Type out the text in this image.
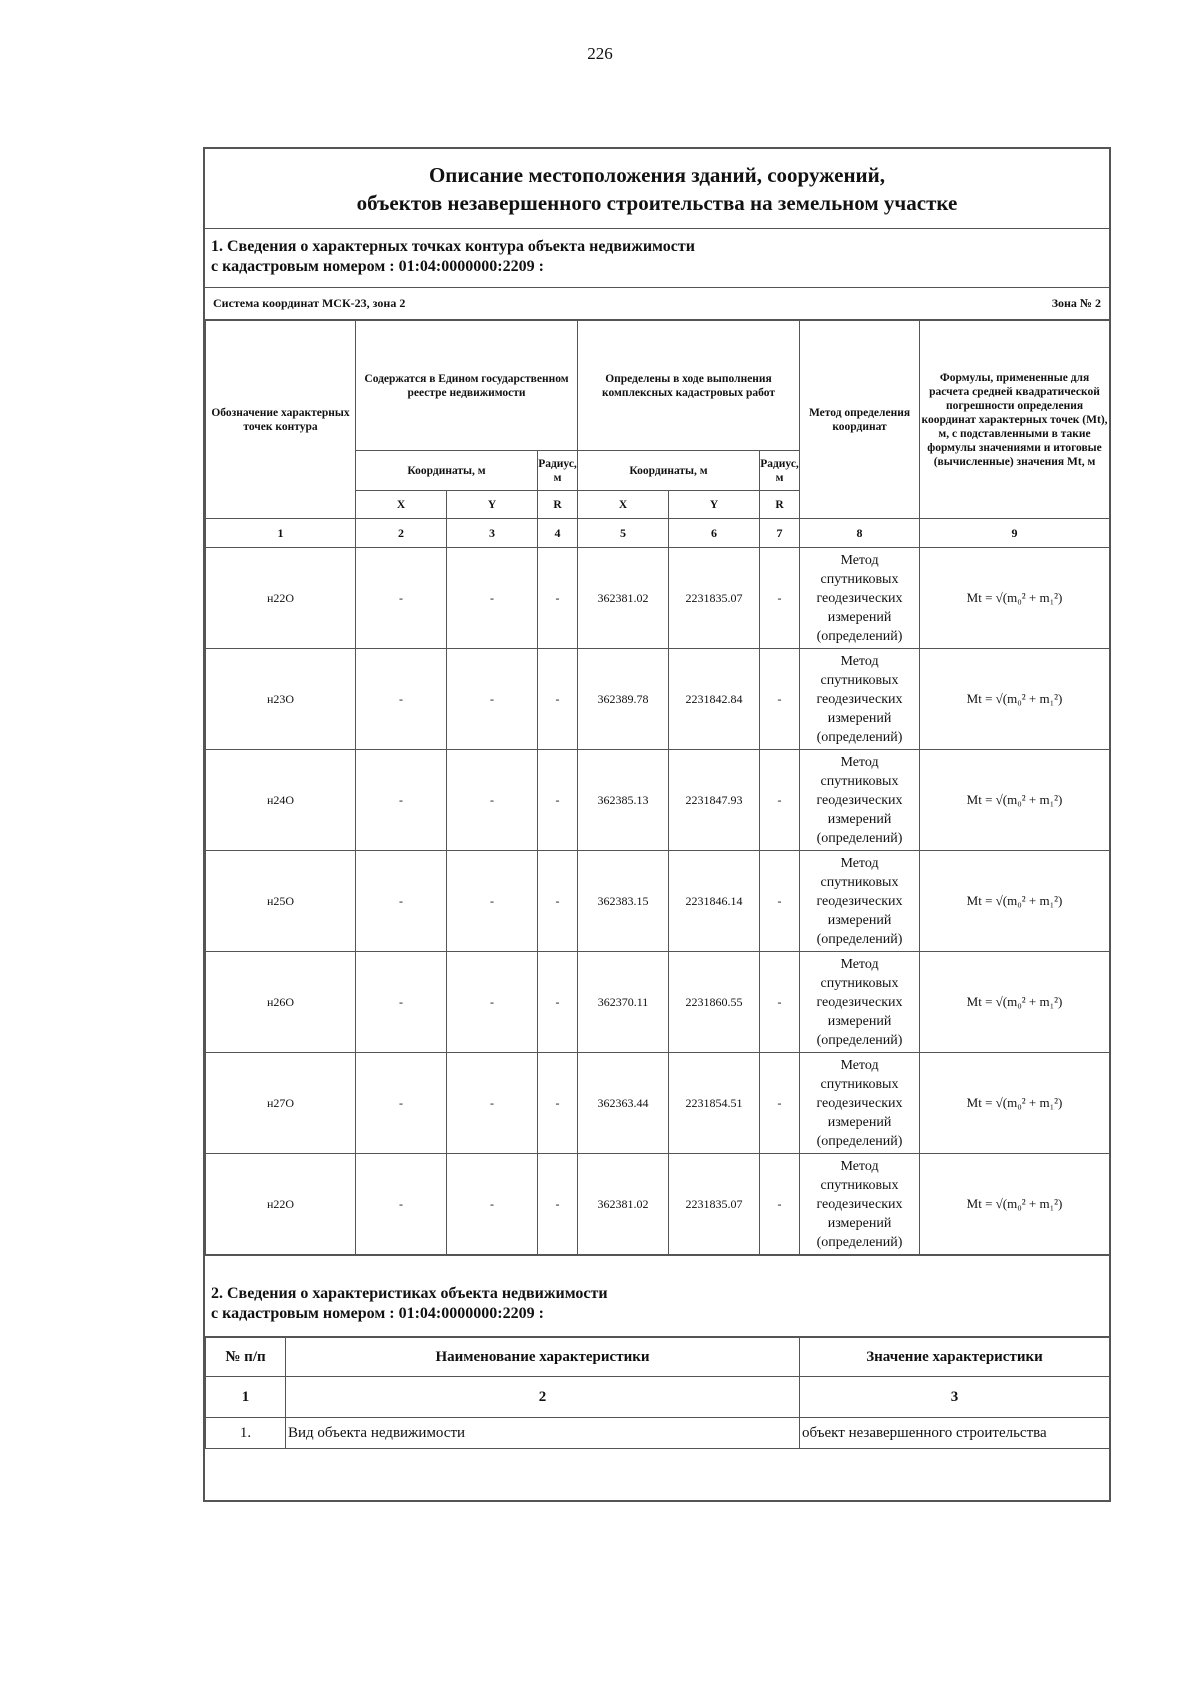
226
Описание местоположения зданий, сооружений,
объектов незавершенного строительства на земельном участке
1. Сведения о характерных точках контура объекта недвижимости
с кадастровым номером : 01:04:0000000:2209 :
Система координат МСК-23, зона 2	Зона № 2
Обозначение характерных точек контура	Содержатся в Едином государственном реестре недвижимости			Определены в ходе выполнения комплексных кадастровых работ			Метод определения координат	Формулы, примененные для расчета средней квадратической погрешности определения координат характерных точек (Mt), м, с подставленными в такие формулы значениями и итоговые (вычисленные) значения Mt, м
	Координаты, м		Радиус, м	Координаты, м		Радиус, м		
	X	Y	R	X	Y	R		
1	2	3	4	5	6	7	8	9
н22О	-	-	-	362381.02	2231835.07	-	Метод спутниковых геодезических измерений (определений)	Mt = √(m₀² + m₁²)
н23О	-	-	-	362389.78	2231842.84	-	Метод спутниковых геодезических измерений (определений)	Mt = √(m₀² + m₁²)
н24О	-	-	-	362385.13	2231847.93	-	Метод спутниковых геодезических измерений (определений)	Mt = √(m₀² + m₁²)
н25О	-	-	-	362383.15	2231846.14	-	Метод спутниковых геодезических измерений (определений)	Mt = √(m₀² + m₁²)
н26О	-	-	-	362370.11	2231860.55	-	Метод спутниковых геодезических измерений (определений)	Mt = √(m₀² + m₁²)
н27О	-	-	-	362363.44	2231854.51	-	Метод спутниковых геодезических измерений (определений)	Mt = √(m₀² + m₁²)
н22О	-	-	-	362381.02	2231835.07	-	Метод спутниковых геодезических измерений (определений)	Mt = √(m₀² + m₁²)
2. Сведения о характеристиках объекта недвижимости
с кадастровым номером : 01:04:0000000:2209 :
№ п/п	Наименование характеристики	Значение характеристики
1	2	3
1.	Вид объекта недвижимости	объект незавершенного строительства
